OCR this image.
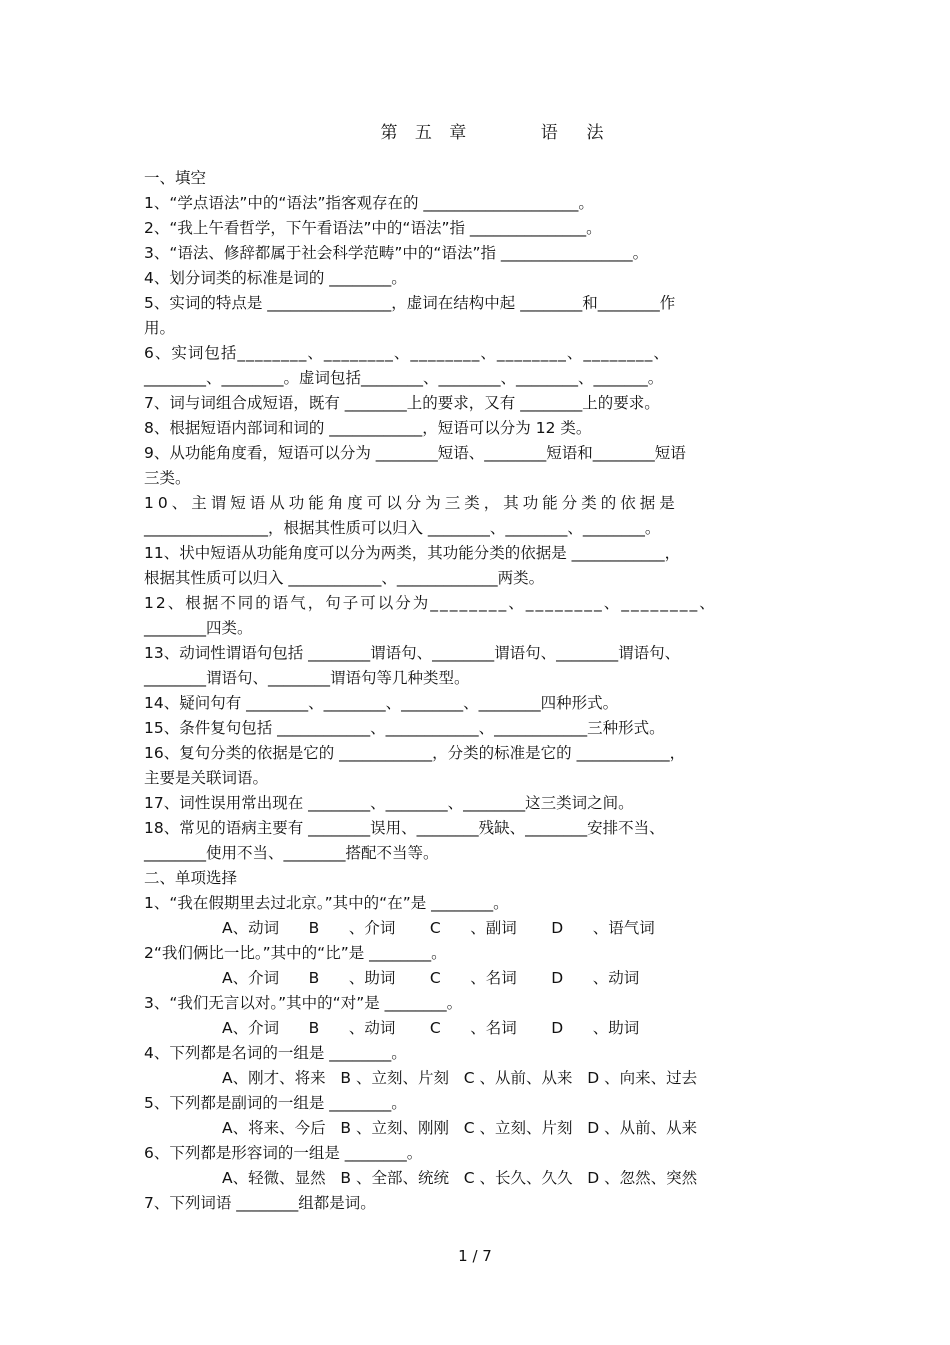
第 五 章      语  法
一、填空
1、“学点语法”中的“语法”指客观存在的 ____________________。
2、“我上午看哲学，下午看语法”中的“语法”指 _______________。
3、“语法、修辞都属于社会科学范畴”中的“语法”指 _________________。
4、划分词类的标准是词的 ________。
5、实词的特点是 ________________，虚词在结构中起 ________和________作
用。
6、实词包括________、________、________、________、________、
________、________。虚词包括________、________、________、_______。
7、词与词组合成短语，既有 ________上的要求，又有 ________上的要求。
8、根据短语内部词和词的 ____________，短语可以分为 12 类。
9、从功能角度看，短语可以分为 ________短语、________短语和________短语
三类。
10、主谓短语从功能角度可以分为三类，其功能分类的依据是
________________，根据其性质可以归入 ________、________、________。
11、状中短语从功能角度可以分为两类，其功能分类的依据是 ____________，
根据其性质可以归入 ____________、_____________两类。
12、根据不同的语气，句子可以分为________、________、________、
________四类。
13、动词性谓语句包括 ________谓语句、________谓语句、________谓语句、
________谓语句、________谓语句等几种类型。
14、疑问句有 ________、________、________、________四种形式。
15、条件复句包括 ____________、____________、____________三种形式。
16、复句分类的依据是它的 ____________，分类的标准是它的 ____________，
主要是关联词语。
17、词性误用常出现在 ________、________、________这三类词之间。
18、常见的语病主要有 ________误用、________残缺、________安排不当、
________使用不当、________搭配不当等。
二、单项选择
1、“我在假期里去过北京。”其中的“在”是 ________。
A、动词      B      、介词       C      、副词       D      、语气词
2“我们俩比一比。”其中的“比”是 ________。
A、介词      B      、助词       C      、名词       D      、动词
3、“我们无言以对。”其中的“对”是 ________。
A、介词      B      、动词       C      、名词       D      、助词
4、下列都是名词的一组是 ________。
A、刚才、将来   B 、立刻、片刻   C 、从前、从来   D 、向来、过去
5、下列都是副词的一组是 ________。
A、将来、今后   B 、立刻、刚刚   C 、立刻、片刻   D 、从前、从来
6、下列都是形容词的一组是 ________。
A、轻微、显然   B 、全部、统统   C 、长久、久久   D 、忽然、突然
7、下列词语 ________组都是词。
1 / 7
